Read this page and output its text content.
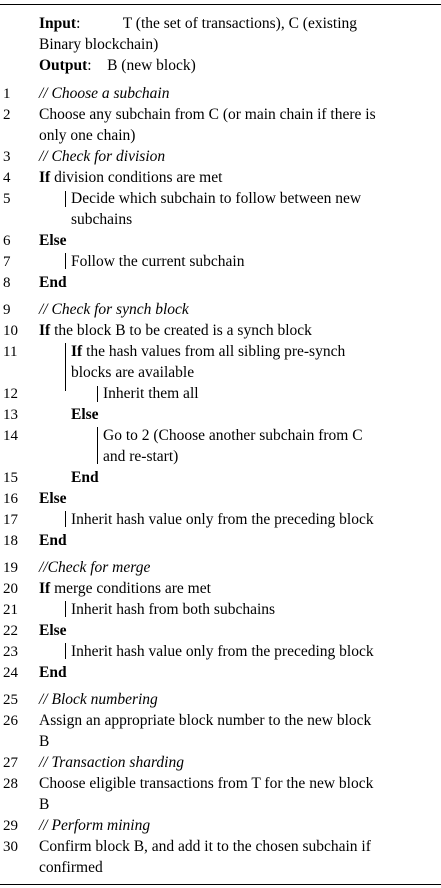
Input:           T (the set of transactions), C (existing
Binary blockchain)
Output:    B (new block)
1	// Choose a subchain
2	Choose any subchain from C (or main chain if there is
only one chain)
3	// Check for division
4	If division conditions are met
5	Decide which subchain to follow between new
subchains
6	Else
7	Follow the current subchain
8	End
9	// Check for synch block
10	If the block B to be created is a synch block
11	If the hash values from all sibling pre-synch
blocks are available
12	Inherit them all
13	Else
14	Go to 2 (Choose another subchain from C
and re-start)
15	End
16	Else
17	Inherit hash value only from the preceding block
18	End
19	//Check for merge
20	If merge conditions are met
21	Inherit hash from both subchains
22	Else
23	Inherit hash value only from the preceding block
24	End
25	// Block numbering
26	Assign an appropriate block number to the new block
B
27	// Transaction sharding
28	Choose eligible transactions from T for the new block
B
29	// Perform mining
30	Confirm block B, and add it to the chosen subchain if
confirmed
